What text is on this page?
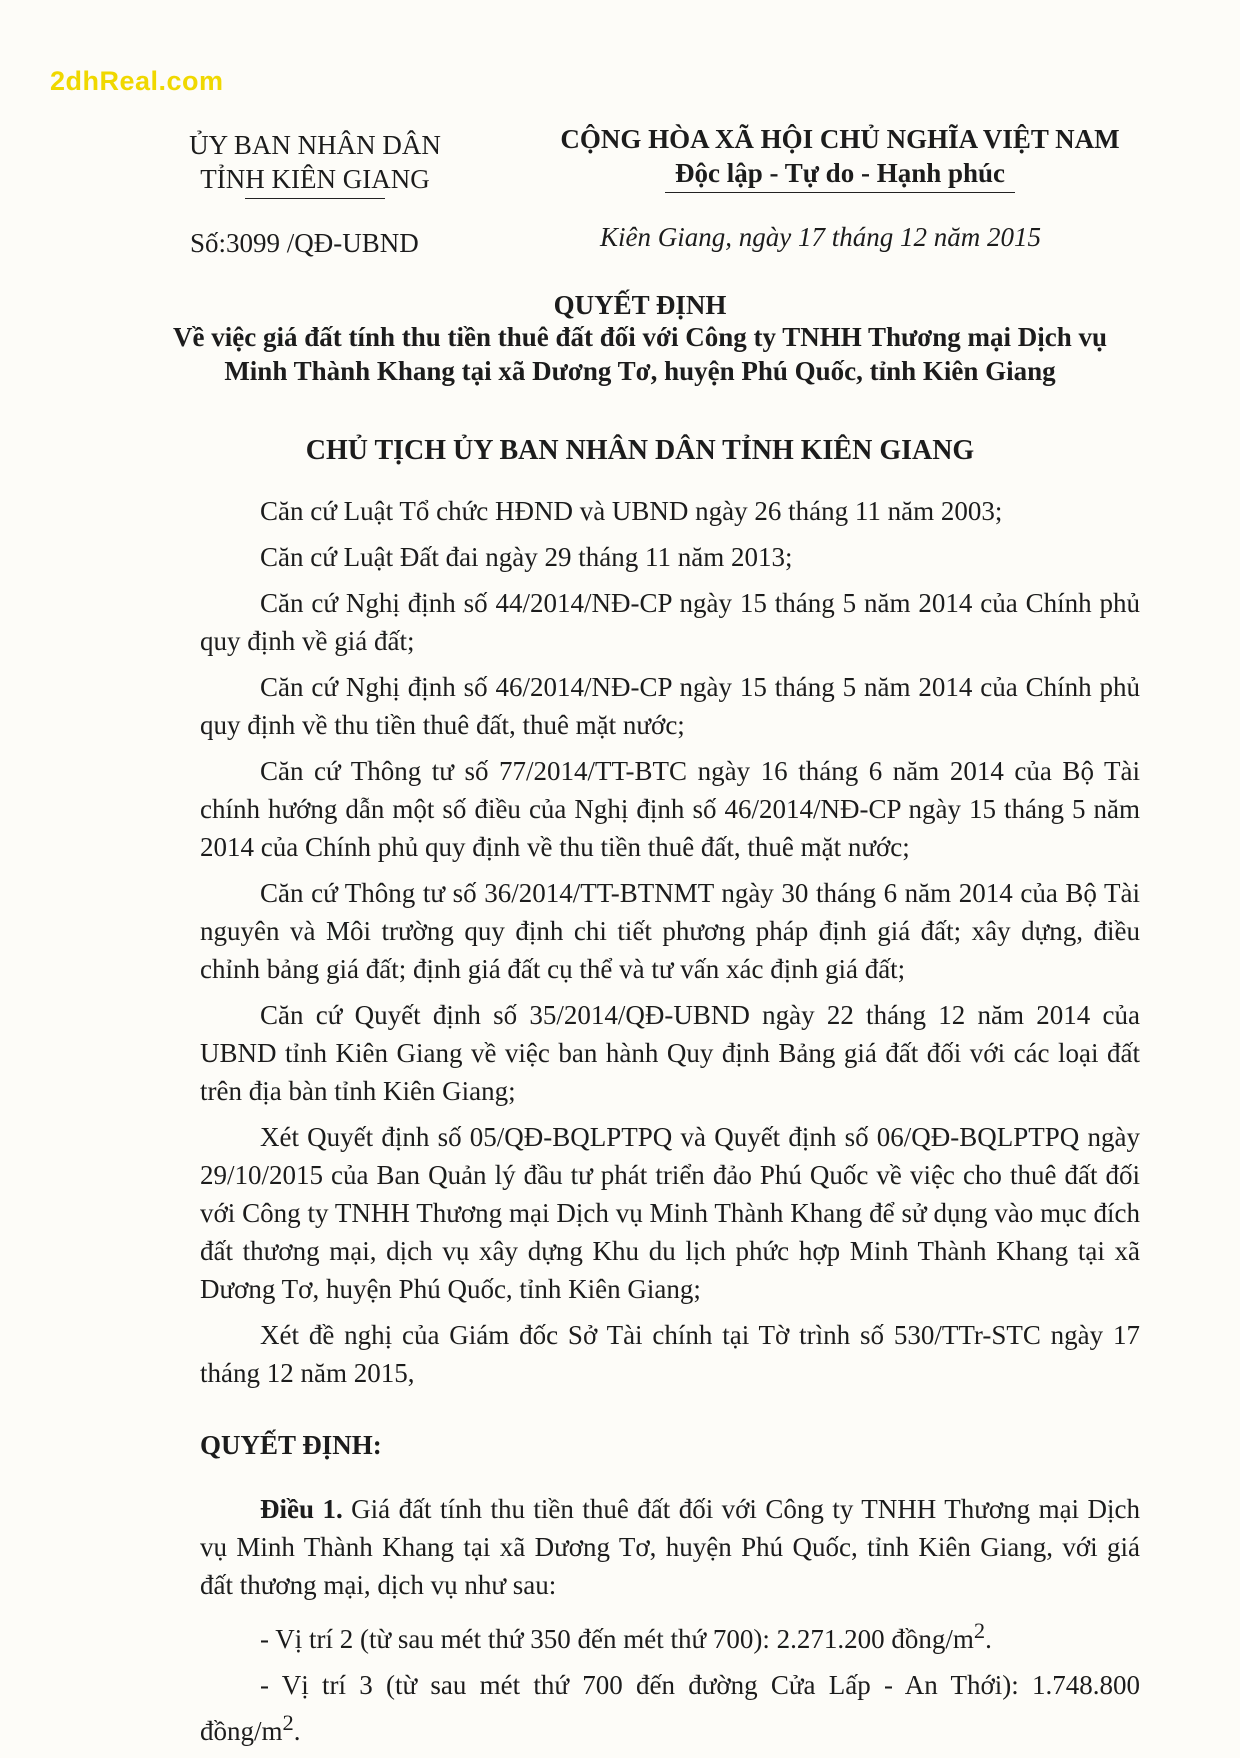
2dhReal.com
ỦY BAN NHÂN DÂN
TỈNH KIÊN GIANG
CỘNG HÒA XÃ HỘI CHỦ NGHĨA VIỆT NAM
Độc lập - Tự do - Hạnh phúc
Số:3099 /QĐ-UBND	Kiên Giang, ngày 17 tháng 12 năm 2015
QUYẾT ĐỊNH
Về việc giá đất tính thu tiền thuê đất đối với Công ty TNHH Thương mại Dịch vụ Minh Thành Khang tại xã Dương Tơ, huyện Phú Quốc, tỉnh Kiên Giang
CHỦ TỊCH ỦY BAN NHÂN DÂN TỈNH KIÊN GIANG

Căn cứ Luật Tổ chức HĐND và UBND ngày 26 tháng 11 năm 2003;

Căn cứ Luật Đất đai ngày 29 tháng 11 năm 2013;

Căn cứ Nghị định số 44/2014/NĐ-CP ngày 15 tháng 5 năm 2014 của Chính phủ quy định về giá đất;

Căn cứ Nghị định số 46/2014/NĐ-CP ngày 15 tháng 5 năm 2014 của Chính phủ quy định về thu tiền thuê đất, thuê mặt nước;

Căn cứ Thông tư số 77/2014/TT-BTC ngày 16 tháng 6 năm 2014 của Bộ Tài chính hướng dẫn một số điều của Nghị định số 46/2014/NĐ-CP ngày 15 tháng 5 năm 2014 của Chính phủ quy định về thu tiền thuê đất, thuê mặt nước;

Căn cứ Thông tư số 36/2014/TT-BTNMT ngày 30 tháng 6 năm 2014 của Bộ Tài nguyên và Môi trường quy định chi tiết phương pháp định giá đất; xây dựng, điều chỉnh bảng giá đất; định giá đất cụ thể và tư vấn xác định giá đất;

Căn cứ Quyết định số 35/2014/QĐ-UBND ngày 22 tháng 12 năm 2014 của UBND tỉnh Kiên Giang về việc ban hành Quy định Bảng giá đất đối với các loại đất trên địa bàn tỉnh Kiên Giang;

Xét Quyết định số 05/QĐ-BQLPTPQ và Quyết định số 06/QĐ-BQLPTPQ ngày 29/10/2015 của Ban Quản lý đầu tư phát triển đảo Phú Quốc về việc cho thuê đất đối với Công ty TNHH Thương mại Dịch vụ Minh Thành Khang để sử dụng vào mục đích đất thương mại, dịch vụ xây dựng Khu du lịch phức hợp Minh Thành Khang tại xã Dương Tơ, huyện Phú Quốc, tỉnh Kiên Giang;

Xét đề nghị của Giám đốc Sở Tài chính tại Tờ trình số 530/TTr-STC ngày 17 tháng 12 năm 2015,

QUYẾT ĐỊNH:

Điều 1. Giá đất tính thu tiền thuê đất đối với Công ty TNHH Thương mại Dịch vụ Minh Thành Khang tại xã Dương Tơ, huyện Phú Quốc, tỉnh Kiên Giang, với giá đất thương mại, dịch vụ như sau:

- Vị trí 2 (từ sau mét thứ 350 đến mét thứ 700): 2.271.200 đồng/$m^2$.

- Vị trí 3 (từ sau mét thứ 700 đến đường Cửa Lấp - An Thới): 1.748.800 đồng/$m^2$.
